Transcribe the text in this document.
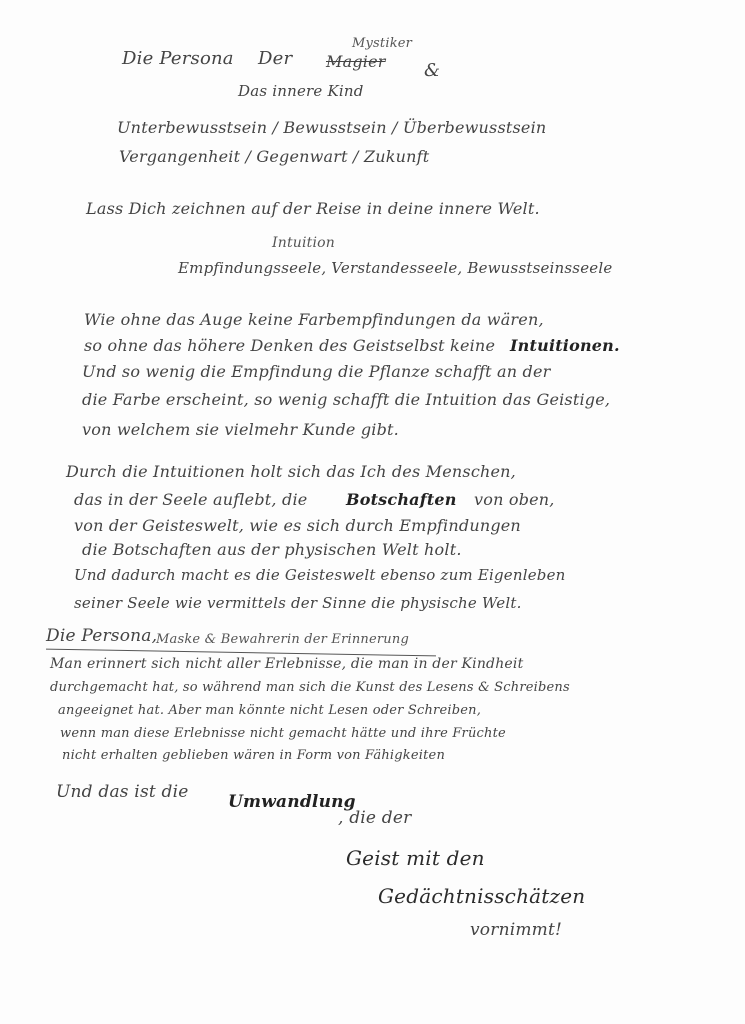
Die Persona Der
Mystiker
Magier &
Das innere Kind
Unterbewusstsein / Bewusstsein / Überbewusstsein
Vergangenheit / Gegenwart / Zukunft
Lass Dich zeichnen auf der Reise in deine innere Welt.
Intuition
Empfindungsseele, Verstandesseele, Bewusstseinsseele
Wie ohne das Auge keine Farbempfindungen da wären,
so ohne das höhere Denken des Geistselbst keine Intuitionen.
Und so wenig die Empfindung die Pflanze schafft an der
die Farbe erscheint, so wenig schafft die Intuition das Geistige,
von welchem sie vielmehr Kunde gibt.
Durch die Intuitionen holt sich das Ich des Menschen,
das in der Seele auflebt, die Botschaften von oben,
von der Geisteswelt, wie es sich durch Empfindungen
die Botschaften aus der physischen Welt holt.
Und dadurch macht es die Geisteswelt ebenso zum Eigenleben
seiner Seele wie vermittels der Sinne die physische Welt.
Die Persona,
Maske & Bewahrerin der Erinnerung
Man erinnert sich nicht aller Erlebnisse, die man in der Kindheit
durchgemacht hat, so während man sich die Kunst des Lesens & Schreibens
angeeignet hat. Aber man könnte nicht Lesen oder Schreiben,
wenn man diese Erlebnisse nicht gemacht hätte und ihre Früchte
nicht erhalten geblieben wären in Form von Fähigkeiten
Und das ist die Umwandlung
, die der
Geist mit den
Gedächtnisschätzen
vornimmt!
